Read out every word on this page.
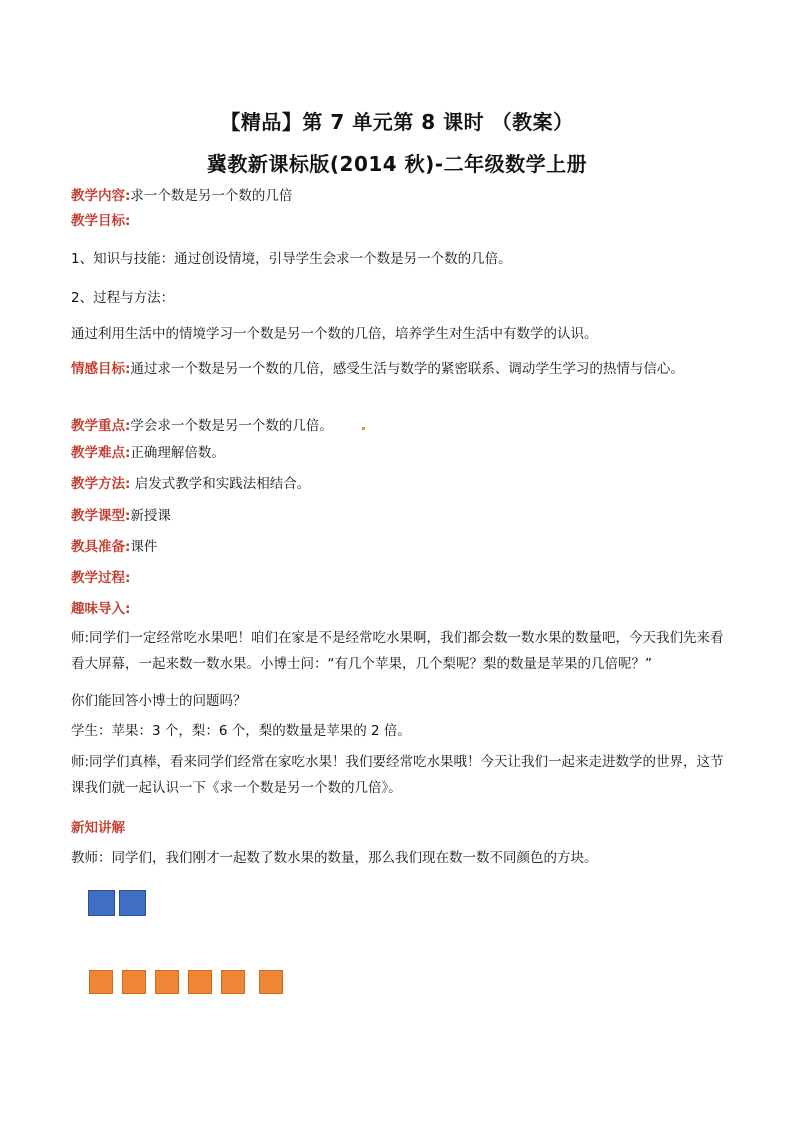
【精品】第 7 单元第 8 课时 （教案）
冀教新课标版(2014 秋)-二年级数学上册
教学内容:求一个数是另一个数的几倍
教学目标:
1、知识与技能：通过创设情境，引导学生会求一个数是另一个数的几倍。
2、过程与方法：
通过利用生活中的情境学习一个数是另一个数的几倍，培养学生对生活中有数学的认识。
情感目标:通过求一个数是另一个数的几倍，感受生活与数学的紧密联系、调动学生学习的热情与信心。
教学重点:学会求一个数是另一个数的几倍。
教学难点:正确理解倍数。
教学方法: 启发式教学和实践法相结合。
教学课型:新授课
教具准备:课件
教学过程:
趣味导入:
师:同学们一定经常吃水果吧！咱们在家是不是经常吃水果啊，我们都会数一数水果的数量吧，今天我们先来看看大屏幕，一起来数一数水果。小博士问：“有几个苹果，几个梨呢？梨的数量是苹果的几倍呢？”
你们能回答小博士的问题吗？
学生：苹果：3 个，梨：6 个，梨的数量是苹果的 2 倍。
师:同学们真棒，看来同学们经常在家吃水果！我们要经常吃水果哦！今天让我们一起来走进数学的世界，这节课我们就一起认识一下《求一个数是另一个数的几倍》。
新知讲解
教师：同学们，我们刚才一起数了数水果的数量，那么我们现在数一数不同颜色的方块。
